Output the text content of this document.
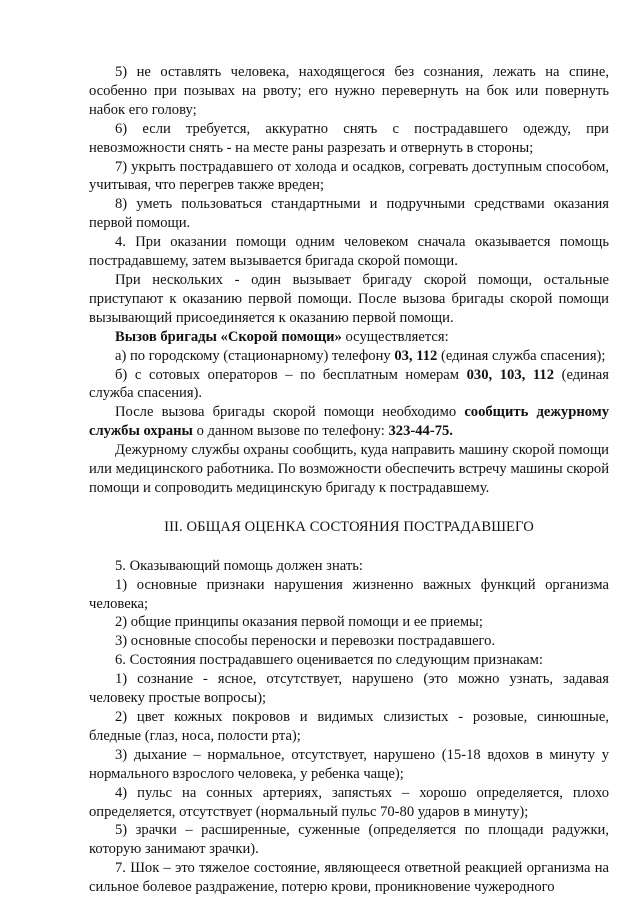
5) не оставлять человека, находящегося без сознания, лежать на спине, особенно при позывах на рвоту; его нужно перевернуть на бок или повернуть набок его голову;

6) если требуется, аккуратно снять с пострадавшего одежду, при невозможности снять - на месте раны разрезать и отвернуть в стороны;

7) укрыть пострадавшего от холода и осадков, согревать доступным способом, учитывая, что перегрев также вреден;

8) уметь пользоваться стандартными и подручными средствами оказания первой помощи.

4. При оказании помощи одним человеком сначала оказывается помощь пострадавшему, затем вызывается бригада скорой помощи.

При нескольких - один вызывает бригаду скорой помощи, остальные приступают к оказанию первой помощи. После вызова бригады скорой помощи вызывающий присоединяется к оказанию первой помощи.

Вызов бригады «Скорой помощи» осуществляется:

а) по городскому (стационарному) телефону 03, 112 (единая служба спасения);

б) с сотовых операторов – по бесплатным номерам 030, 103, 112 (единая служба спасения).

После вызова бригады скорой помощи необходимо сообщить дежурному службы охраны о данном вызове по телефону: 323-44-75.

Дежурному службы охраны сообщить, куда направить машину скорой помощи или медицинского работника. По возможности обеспечить встречу машины скорой помощи и сопроводить медицинскую бригаду к пострадавшему.

III. ОБЩАЯ ОЦЕНКА СОСТОЯНИЯ ПОСТРАДАВШЕГО

5. Оказывающий помощь должен знать:

1) основные признаки нарушения жизненно важных функций организма человека;

2) общие принципы оказания первой помощи и ее приемы;

3) основные способы переноски и перевозки пострадавшего.

6. Состояния пострадавшего оценивается по следующим признакам:

1) сознание - ясное, отсутствует, нарушено (это можно узнать, задавая человеку простые вопросы);

2) цвет кожных покровов и видимых слизистых - розовые, синюшные, бледные (глаз, носа, полости рта);

3) дыхание – нормальное, отсутствует, нарушено (15-18 вдохов в минуту у нормального взрослого человека, у ребенка чаще);

4) пульс на сонных артериях, запястьях – хорошо определяется, плохо определяется, отсутствует (нормальный пульс 70-80 ударов в минуту);

5) зрачки – расширенные, суженные (определяется по площади радужки, которую занимают зрачки).

7. Шок – это тяжелое состояние, являющееся ответной реакцией организма на сильное болевое раздражение, потерю крови, проникновение чужеродного
